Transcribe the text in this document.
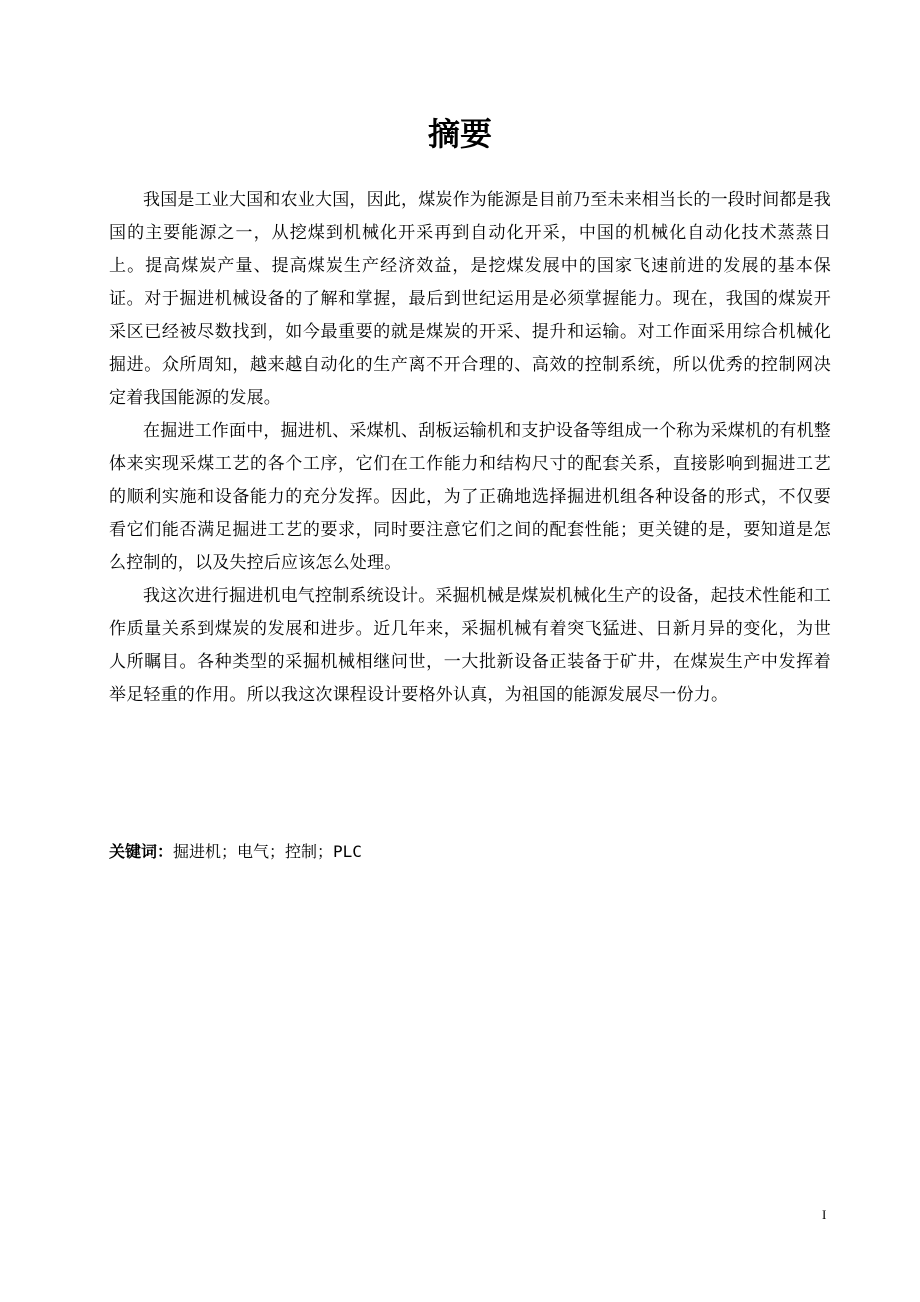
摘要

我国是工业大国和农业大国，因此，煤炭作为能源是目前乃至未来相当长的一段时间都是我国的主要能源之一，从挖煤到机械化开采再到自动化开采，中国的机械化自动化技术蒸蒸日上。提高煤炭产量、提高煤炭生产经济效益，是挖煤发展中的国家飞速前进的发展的基本保证。对于掘进机械设备的了解和掌握，最后到世纪运用是必须掌握能力。现在，我国的煤炭开采区已经被尽数找到，如今最重要的就是煤炭的开采、提升和运输。对工作面采用综合机械化掘进。众所周知，越来越自动化的生产离不开合理的、高效的控制系统，所以优秀的控制网决定着我国能源的发展。

在掘进工作面中，掘进机、采煤机、刮板运输机和支护设备等组成一个称为采煤机的有机整体来实现采煤工艺的各个工序，它们在工作能力和结构尺寸的配套关系，直接影响到掘进工艺的顺利实施和设备能力的充分发挥。因此，为了正确地选择掘进机组各种设备的形式，不仅要看它们能否满足掘进工艺的要求，同时要注意它们之间的配套性能；更关键的是，要知道是怎么控制的，以及失控后应该怎么处理。

我这次进行掘进机电气控制系统设计。采掘机械是煤炭机械化生产的设备，起技术性能和工作质量关系到煤炭的发展和进步。近几年来，采掘机械有着突飞猛进、日新月异的变化，为世人所瞩目。各种类型的采掘机械相继问世，一大批新设备正装备于矿井，在煤炭生产中发挥着举足轻重的作用。所以我这次课程设计要格外认真，为祖国的能源发展尽一份力。

关键词：掘进机；电气；控制；PLC
I
